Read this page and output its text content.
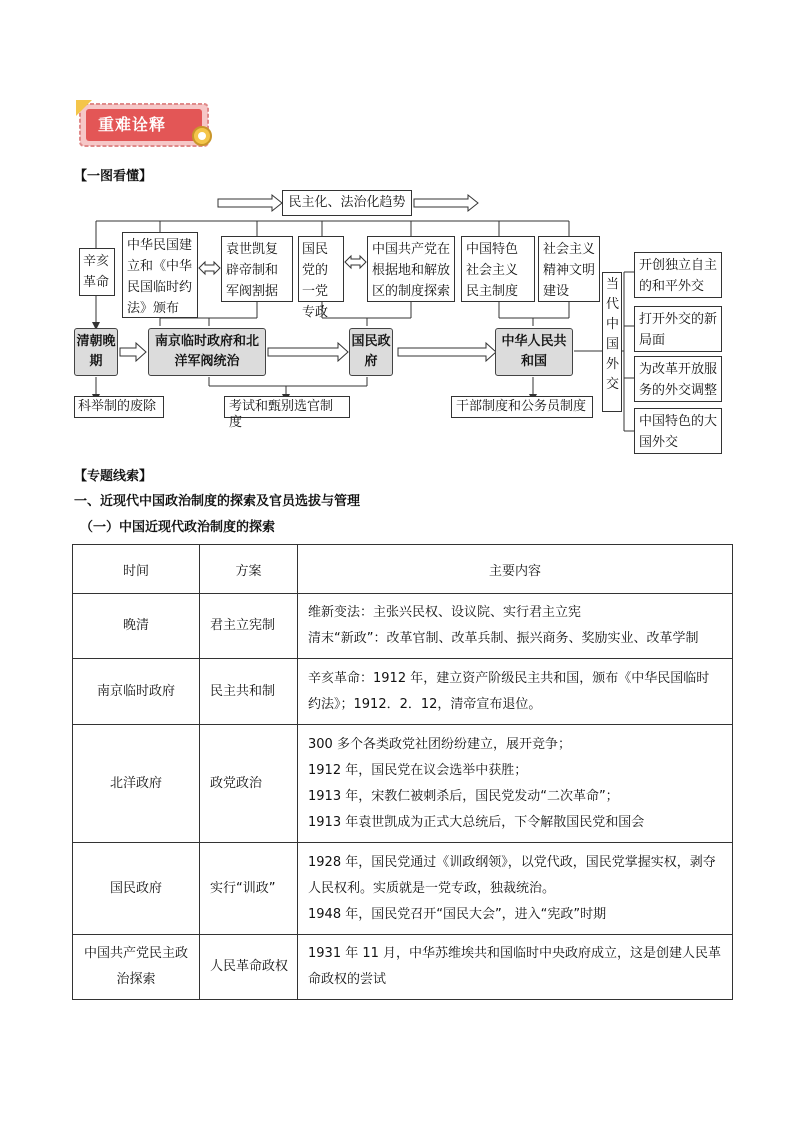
重难诠释
【一图看懂】
民主化、法治化趋势
辛亥革命
中华民国建立和《中华民国临时约法》颁布
袁世凯复辟帝制和军阀割据
国民党的一党专政
中国共产党在根据地和解放区的制度探索
中国特色社会主义民主制度
社会主义精神文明建设
清朝晚期
南京临时政府和北洋军阀统治
国民政府
中华人民共和国
科举制的废除	考试和甄别选官制度
干部制度和公务员制度
当代中国外交
开创独立自主的和平外交
打开外交的新局面
为改革开放服务的外交调整
中国特色的大国外交
【专题线索】
一、近现代中国政治制度的探索及官员选拔与管理
（一）中国近现代政治制度的探索
时间	方案	主要内容
晚清	君主立宪制	维新变法：主张兴民权、设议院、实行君主立宪
清末“新政”：改革官制、改革兵制、振兴商务、奖励实业、改革学制

南京临时政府	民主共和制	辛亥革命：1912 年，建立资产阶级民主共和国，颁布《中华民国临时约法》；1912．2．12，清帝宣布退位。

北洋政府	政党政治	300 多个各类政党社团纷纷建立，展开竞争；
1912 年，国民党在议会选举中获胜；
1913 年，宋教仁被刺杀后，国民党发动“二次革命”；
1913 年袁世凯成为正式大总统后，下令解散国民党和国会

国民政府	实行“训政”	1928 年，国民党通过《训政纲领》，以党代政，国民党掌握实权，剥夺人民权利。实质就是一党专政，独裁统治。
1948 年，国民党召开“国民大会”，进入“宪政”时期

中国共产党民主政治探索	人民革命政权	1931 年 11 月，中华苏维埃共和国临时中央政府成立，这是创建人民革命政权的尝试
